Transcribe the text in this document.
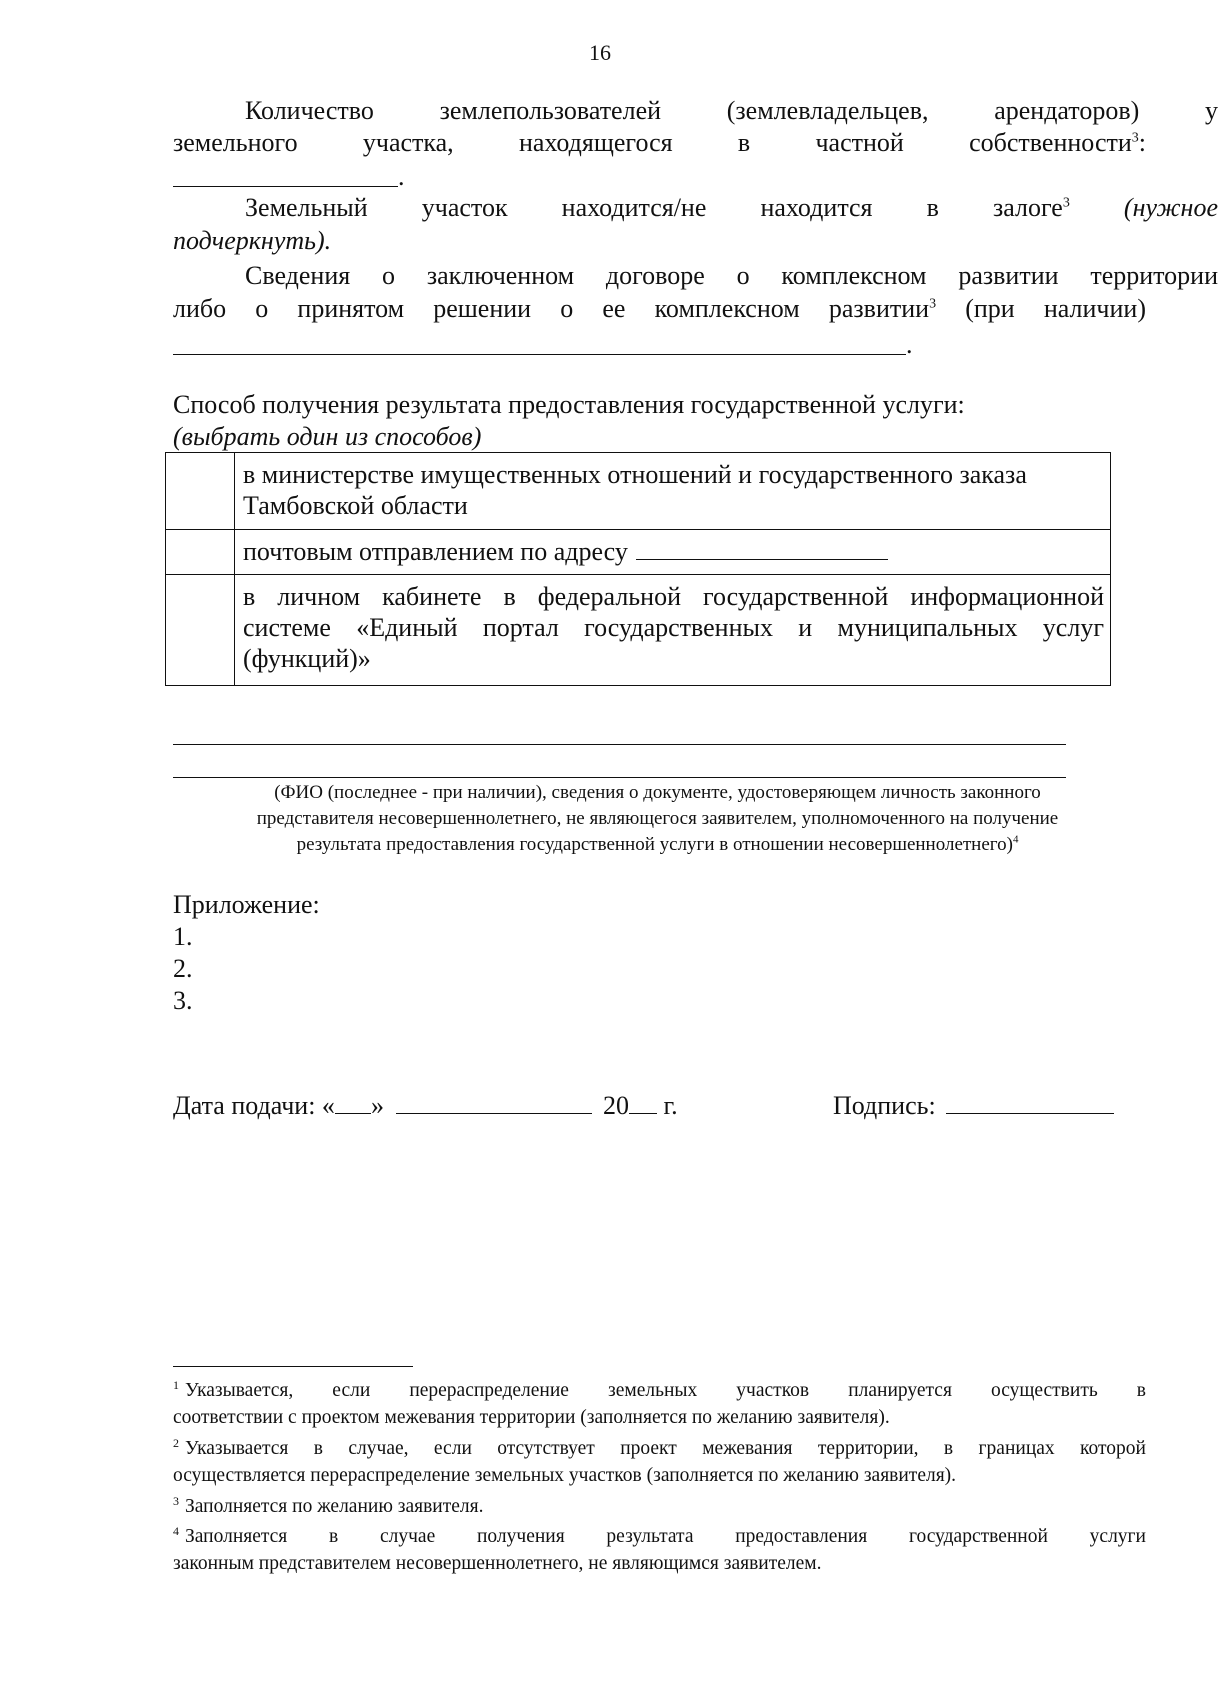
16
Количество землепользователей (землевладельцев, арендаторов) у
земельного участка, находящегося в частной собственности$^3$:
.
Земельный участок находится/не находится в залоге$^3$ (нужное
подчеркнуть).
Сведения о заключенном договоре о комплексном развитии территории
либо о принятом решении о ее комплексном развитии$^3$ (при наличии)
.
Способ получения результата предоставления государственной услуги:
(выбрать один из способов)
	в министерстве имущественных отношений и государственного заказа Тамбовской области
	почтовым отправлением по адресу
	в личном кабинете в федеральной государственной информационной системе «Единый портал государственных и муниципальных услуг (функций)»
(ФИО (последнее - при наличии), сведения о документе, удостоверяющем личность законного
представителя несовершеннолетнего, не являющегося заявителем, уполномоченного на получение
результата предоставления государственной услуги в отношении несовершеннолетнего)$^4$
Приложение:
1.
2.
3.
Дата подачи: « »	20 г.	Подпись:
$^1$ Указывается, если перераспределение земельных участков планируется осуществить в
соответствии с проектом межевания территории (заполняется по желанию заявителя).
$^2$ Указывается в случае, если отсутствует проект межевания территории, в границах которой
осуществляется перераспределение земельных участков (заполняется по желанию заявителя).
$^3$ Заполняется по желанию заявителя.
$^4$ Заполняется в случае получения результата предоставления государственной услуги
законным представителем несовершеннолетнего, не являющимся заявителем.
